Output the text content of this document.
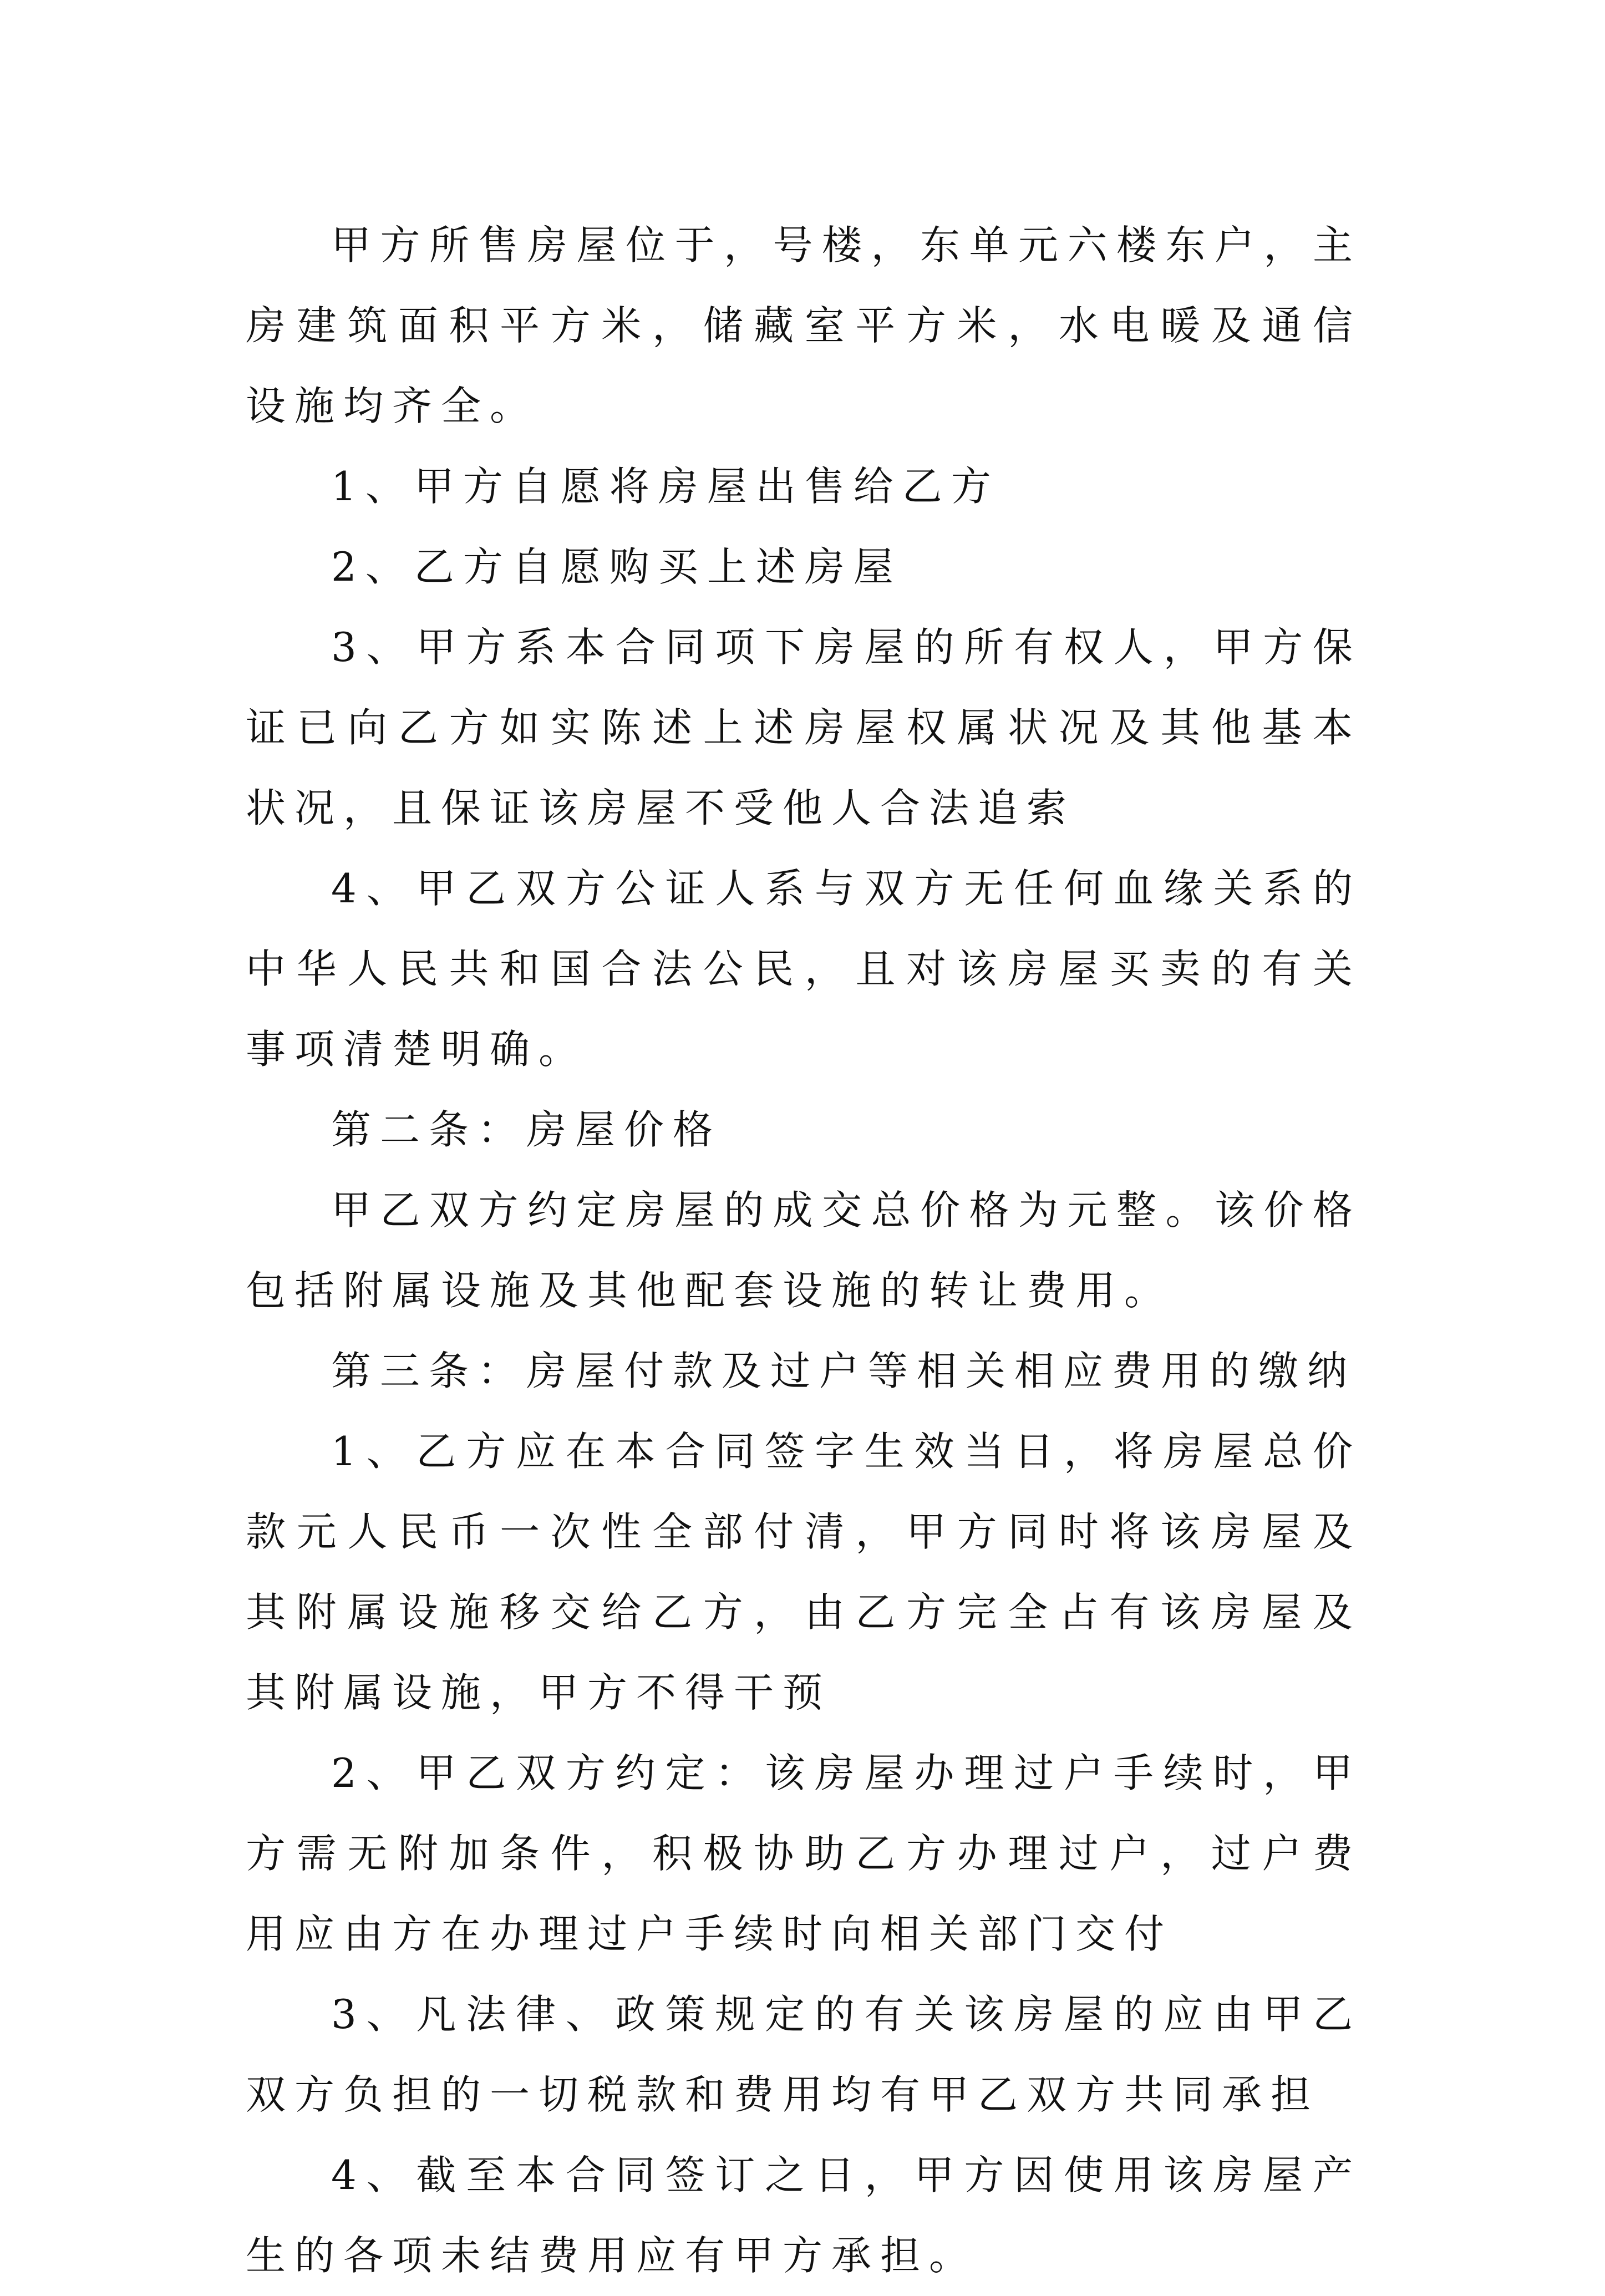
甲方所售房屋位于，号楼，东单元六楼东户，主房建筑面积平方米，储藏室平方米，水电暖及通信设施均齐全。

1、甲方自愿将房屋出售给乙方

2、乙方自愿购买上述房屋

3、甲方系本合同项下房屋的所有权人，甲方保证已向乙方如实陈述上述房屋权属状况及其他基本状况，且保证该房屋不受他人合法追索

4、甲乙双方公证人系与双方无任何血缘关系的中华人民共和国合法公民，且对该房屋买卖的有关事项清楚明确。

第二条：房屋价格

甲乙双方约定房屋的成交总价格为元整。该价格包括附属设施及其他配套设施的转让费用。

第三条：房屋付款及过户等相关相应费用的缴纳

1、乙方应在本合同签字生效当日，将房屋总价款元人民币一次性全部付清，甲方同时将该房屋及其附属设施移交给乙方，由乙方完全占有该房屋及其附属设施，甲方不得干预

2、甲乙双方约定：该房屋办理过户手续时，甲方需无附加条件，积极协助乙方办理过户，过户费用应由方在办理过户手续时向相关部门交付

3、凡法律、政策规定的有关该房屋的应由甲乙双方负担的一切税款和费用均有甲乙双方共同承担

4、截至本合同签订之日，甲方因使用该房屋产生的各项未结费用应有甲方承担。
